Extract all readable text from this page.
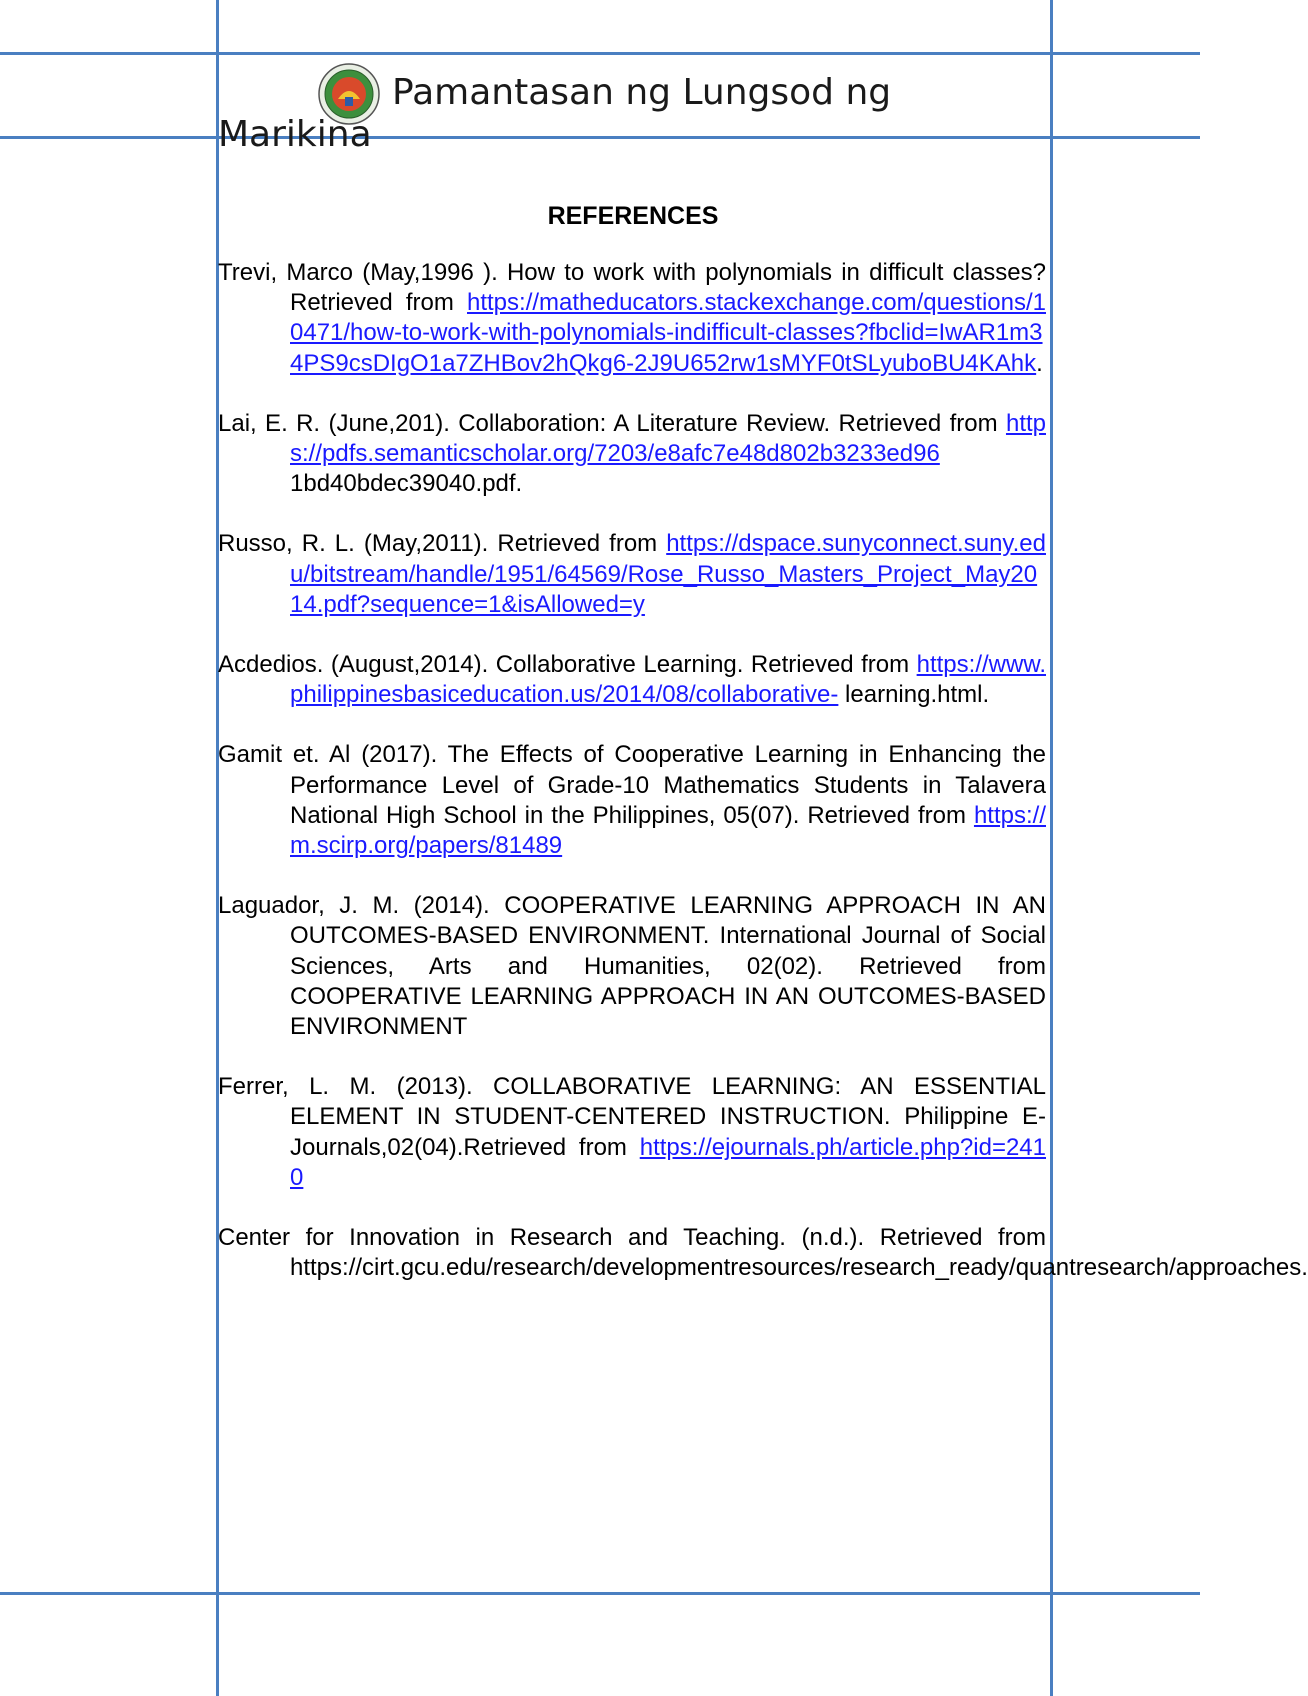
Pamantasan ng Lungsod ng
Marikina
REFERENCES

Trevi, Marco (May,1996 ). How to work with polynomials in difficult classes? Retrieved from https://matheducators.stackexchange.com/questions/10471/how-to-work-with-polynomials-indifficult-classes?fbclid=IwAR1m34PS9csDIgO1a7ZHBov2hQkg6-2J9U652rw1sMYF0tSLyuboBU4KAhk.

Lai, E. R. (June,201). Collaboration: A Literature Review. Retrieved from https://pdfs.semanticscholar.org/7203/e8afc7e48d802b3233ed961bd40bdec39040.pdf.

Russo, R. L. (May,2011). Retrieved from https://dspace.sunyconnect.suny.edu/bitstream/handle/1951/64569/Rose_Russo_Masters_Project_May2014.pdf?sequence=1&isAllowed=y

Acdedios. (August,2014). Collaborative Learning. Retrieved from https://www.philippinesbasiceducation.us/2014/08/collaborative- learning.html.

Gamit et. Al (2017). The Effects of Cooperative Learning in Enhancing the Performance Level of Grade-10 Mathematics Students in Talavera National High School in the Philippines, 05(07). Retrieved from https://m.scirp.org/papers/81489

Laguador, J. M. (2014). COOPERATIVE LEARNING APPROACH IN AN OUTCOMES-BASED ENVIRONMENT. International Journal of Social Sciences, Arts and Humanities, 02(02). Retrieved from COOPERATIVE LEARNING APPROACH IN AN OUTCOMES-BASED ENVIRONMENT

Ferrer, L. M. (2013). COLLABORATIVE LEARNING: AN ESSENTIAL ELEMENT IN STUDENT-CENTERED INSTRUCTION. Philippine E-Journals,02(04).Retrieved from https://ejournals.ph/article.php?id=2410

Center for Innovation in Research and Teaching. (n.d.). Retrieved from https://cirt.gcu.edu/research/developmentresources/research_ready/quantresearch/approaches.
